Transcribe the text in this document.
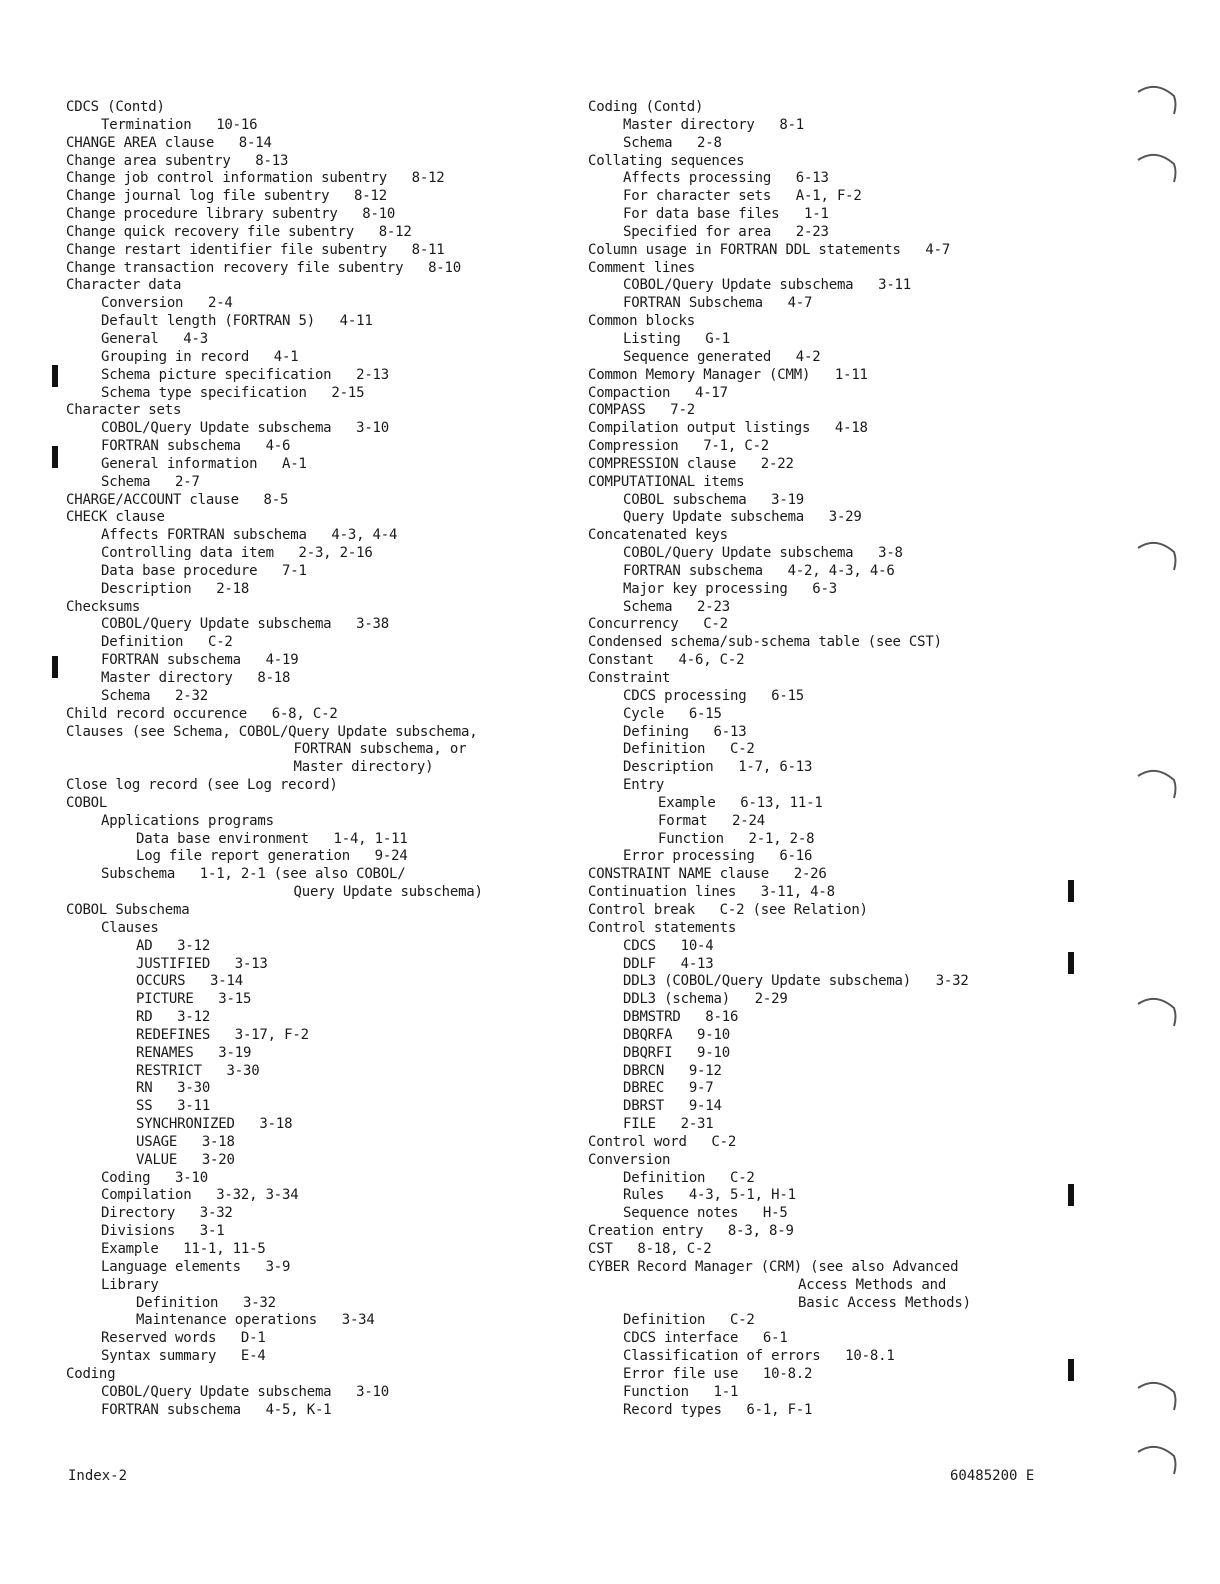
CDCS (Contd)
Termination   10-16
CHANGE AREA clause   8-14
Change area subentry   8-13
Change job control information subentry   8-12
Change journal log file subentry   8-12
Change procedure library subentry   8-10
Change quick recovery file subentry   8-12
Change restart identifier file subentry   8-11
Change transaction recovery file subentry   8-10
Character data
Conversion   2-4
Default length (FORTRAN 5)   4-11
General   4-3
Grouping in record   4-1
Schema picture specification   2-13
Schema type specification   2-15
Character sets
COBOL/Query Update subschema   3-10
FORTRAN subschema   4-6
General information   A-1
Schema   2-7
CHARGE/ACCOUNT clause   8-5
CHECK clause
Affects FORTRAN subschema   4-3, 4-4
Controlling data item   2-3, 2-16
Data base procedure   7-1
Description   2-18
Checksums
COBOL/Query Update subschema   3-38
Definition   C-2
FORTRAN subschema   4-19
Master directory   8-18
Schema   2-32
Child record occurence   6-8, C-2
Clauses (see Schema, COBOL/Query Update subschema,
FORTRAN subschema, or
Master directory)
Close log record (see Log record)
COBOL
Applications programs
Data base environment   1-4, 1-11
Log file report generation   9-24
Subschema   1-1, 2-1 (see also COBOL/
Query Update subschema)
COBOL Subschema
Clauses
AD   3-12
JUSTIFIED   3-13
OCCURS   3-14
PICTURE   3-15
RD   3-12
REDEFINES   3-17, F-2
RENAMES   3-19
RESTRICT   3-30
RN   3-30
SS   3-11
SYNCHRONIZED   3-18
USAGE   3-18
VALUE   3-20
Coding   3-10
Compilation   3-32, 3-34
Directory   3-32
Divisions   3-1
Example   11-1, 11-5
Language elements   3-9
Library
Definition   3-32
Maintenance operations   3-34
Reserved words   D-1
Syntax summary   E-4
Coding
COBOL/Query Update subschema   3-10
FORTRAN subschema   4-5, K-1
Coding (Contd)
Master directory   8-1
Schema   2-8
Collating sequences
Affects processing   6-13
For character sets   A-1, F-2
For data base files   1-1
Specified for area   2-23
Column usage in FORTRAN DDL statements   4-7
Comment lines
COBOL/Query Update subschema   3-11
FORTRAN Subschema   4-7
Common blocks
Listing   G-1
Sequence generated   4-2
Common Memory Manager (CMM)   1-11
Compaction   4-17
COMPASS   7-2
Compilation output listings   4-18
Compression   7-1, C-2
COMPRESSION clause   2-22
COMPUTATIONAL items
COBOL subschema   3-19
Query Update subschema   3-29
Concatenated keys
COBOL/Query Update subschema   3-8
FORTRAN subschema   4-2, 4-3, 4-6
Major key processing   6-3
Schema   2-23
Concurrency   C-2
Condensed schema/sub-schema table (see CST)
Constant   4-6, C-2
Constraint
CDCS processing   6-15
Cycle   6-15
Defining   6-13
Definition   C-2
Description   1-7, 6-13
Entry
Example   6-13, 11-1
Format   2-24
Function   2-1, 2-8
Error processing   6-16
CONSTRAINT NAME clause   2-26
Continuation lines   3-11, 4-8
Control break   C-2 (see Relation)
Control statements
CDCS   10-4
DDLF   4-13
DDL3 (COBOL/Query Update subschema)   3-32
DDL3 (schema)   2-29
DBMSTRD   8-16
DBQRFA   9-10
DBQRFI   9-10
DBRCN   9-12
DBREC   9-7
DBRST   9-14
FILE   2-31
Control word   C-2
Conversion
Definition   C-2
Rules   4-3, 5-1, H-1
Sequence notes   H-5
Creation entry   8-3, 8-9
CST   8-18, C-2
CYBER Record Manager (CRM) (see also Advanced
Access Methods and
Basic Access Methods)
Definition   C-2
CDCS interface   6-1
Classification of errors   10-8.1
Error file use   10-8.2
Function   1-1
Record types   6-1, F-1
Index-2	60485200 E
